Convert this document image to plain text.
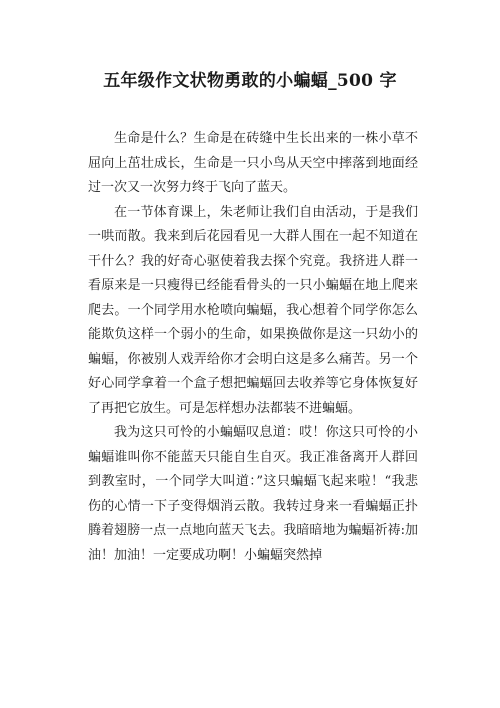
五年级作文状物勇敢的小蝙蝠_500 字

生命是什么？生命是在砖缝中生长出来的一株小草不屈向上茁壮成长，生命是一只小鸟从天空中摔落到地面经过一次又一次努力终于飞向了蓝天。

在一节体育课上，朱老师让我们自由活动，于是我们一哄而散。我来到后花园看见一大群人围在一起不知道在干什么？我的好奇心驱使着我去探个究竟。我挤进人群一看原来是一只瘦得已经能看骨头的一只小蝙蝠在地上爬来爬去。一个同学用水枪喷向蝙蝠，我心想着个同学你怎么能欺负这样一个弱小的生命，如果换做你是这一只幼小的蝙蝠，你被别人戏弄给你才会明白这是多么痛苦。另一个好心同学拿着一个盒子想把蝙蝠回去收养等它身体恢复好了再把它放生。可是怎样想办法都装不进蝙蝠。

我为这只可怜的小蝙蝠叹息道：哎！你这只可怜的小蝙蝠谁叫你不能蓝天只能自生自灭。我正准备离开人群回到教室时，一个同学大叫道：”这只蝙蝠飞起来啦！“我悲伤的心情一下子变得烟消云散。我转过身来一看蝙蝠正扑腾着翅膀一点一点地向蓝天飞去。我暗暗地为蝙蝠祈祷:加油！加油！一定要成功啊！小蝙蝠突然掉
